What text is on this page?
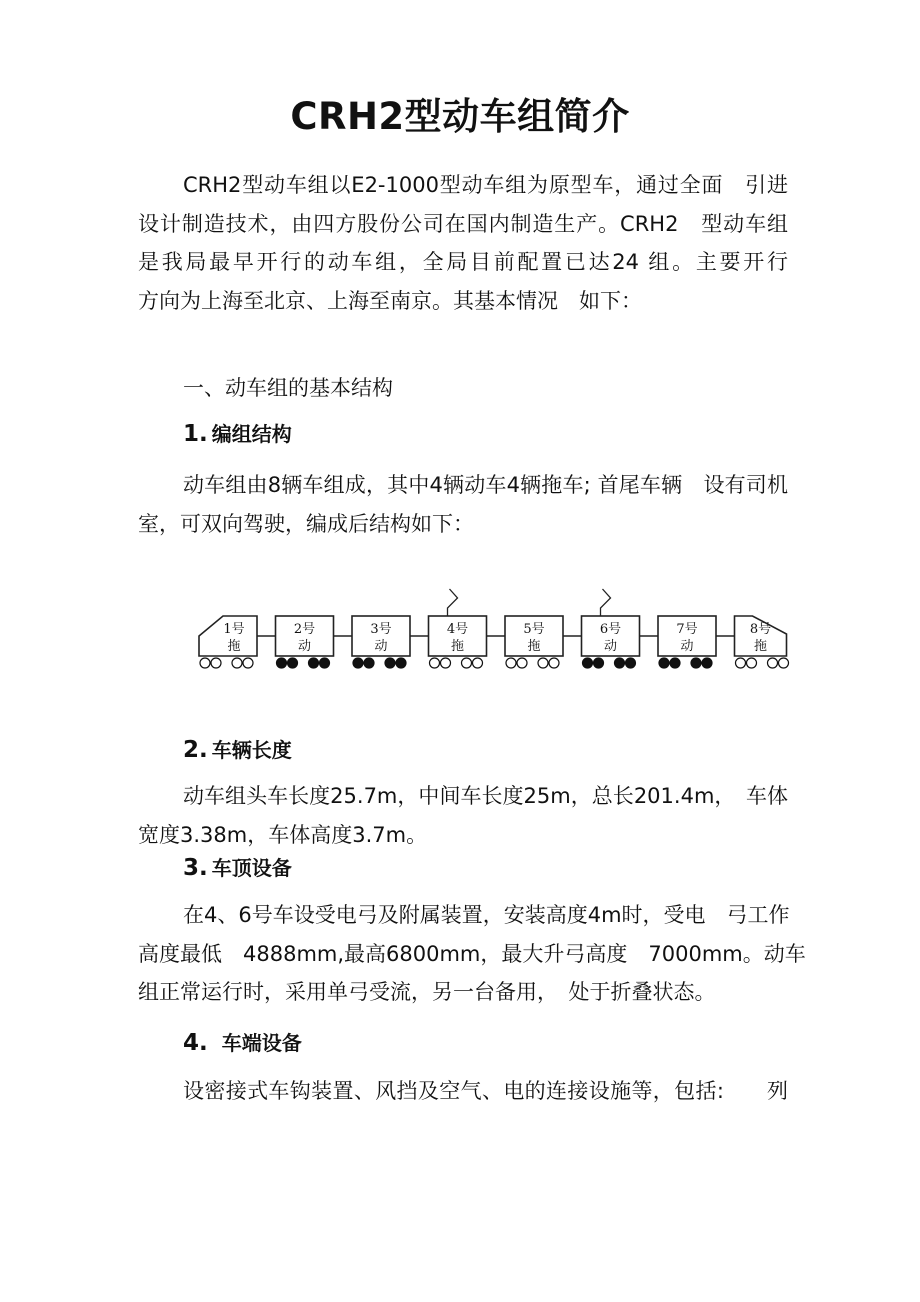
CRH2型动车组简介
CRH2型动车组以E2-1000型动车组为原型车，通过全面　引进
设计制造技术，由四方股份公司在国内制造生产。CRH2　型动车组
是我局最早开行的动车组，全局目前配置已达24 组。主要开行
方向为上海至北京、上海至南京。其基本情况　如下：
一、动车组的基本结构
1. 编组结构
动车组由8辆车组成，其中4辆动车4辆拖车; 首尾车辆　设有司机
室，可双向驾驶，编成后结构如下：
1号
拖
2号
动
3号
动
4号
拖
5号
拖
6号
动
7号
动
8号
拖
2. 车辆长度
动车组头车长度25.7m，中间车长度25m，总长201.4m，　车体
宽度3.38m，车体高度3.7m。
3. 车顶设备
在4、6号车设受电弓及附属装置，安装高度4m时，受电　弓工作
高度最低　4888mm,最高6800mm，最大升弓高度　7000mm。动车
组正常运行时，采用单弓受流，另一台备用，　处于折叠状态。
4. 车端设备
设密接式车钩装置、风挡及空气、电的连接设施等，包括:　　列
